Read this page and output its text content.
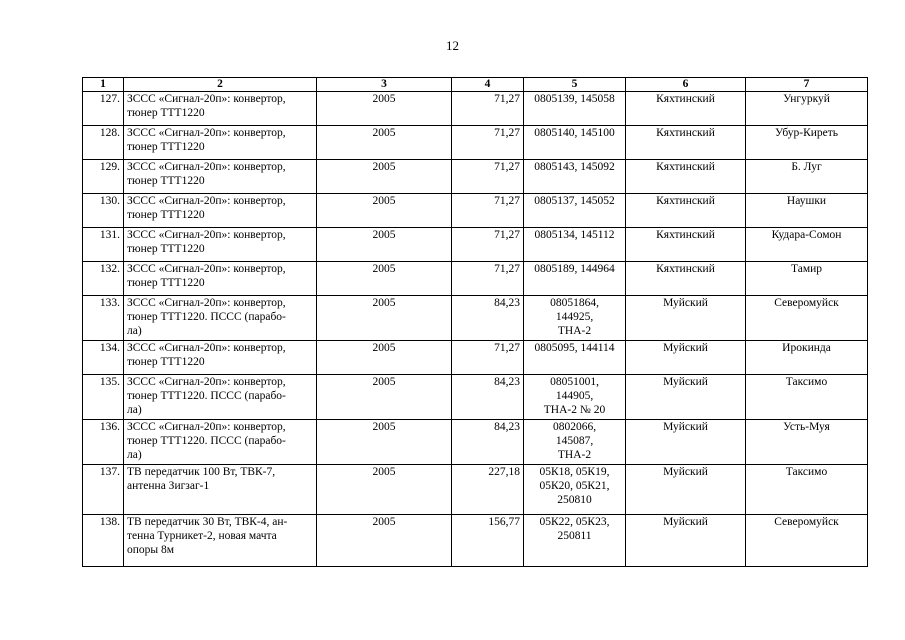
12
1	2	3	4	5	6	7

127.	ЗССС «Сигнал-20п»: конвертор,
тюнер ТТТ1220	2005	71,27	0805139, 145058	Кяхтинский	Унгуркуй

128.	ЗССС «Сигнал-20п»: конвертор,
тюнер ТТТ1220	2005	71,27	0805140, 145100	Кяхтинский	Убур-Киреть

129.	ЗССС «Сигнал-20п»: конвертор,
тюнер ТТТ1220	2005	71,27	0805143, 145092	Кяхтинский	Б. Луг

130.	ЗССС «Сигнал-20п»: конвертор,
тюнер ТТТ1220	2005	71,27	0805137, 145052	Кяхтинский	Наушки

131.	ЗССС «Сигнал-20п»: конвертор,
тюнер ТТТ1220	2005	71,27	0805134, 145112	Кяхтинский	Кудара-Сомон

132.	ЗССС «Сигнал-20п»: конвертор,
тюнер ТТТ1220	2005	71,27	0805189, 144964	Кяхтинский	Тамир

133.	ЗССС «Сигнал-20п»: конвертор,
тюнер ТТТ1220. ПССС (парабо-
ла)	2005	84,23	08051864,
144925,
ТНА-2	Муйский	Северомуйск

134.	ЗССС «Сигнал-20п»: конвертор,
тюнер ТТТ1220	2005	71,27	0805095, 144114	Муйский	Ирокинда

135.	ЗССС «Сигнал-20п»: конвертор,
тюнер ТТТ1220. ПССС (парабо-
ла)	2005	84,23	08051001,
144905,
ТНА-2 № 20	Муйский	Таксимо

136.	ЗССС «Сигнал-20п»: конвертор,
тюнер ТТТ1220. ПССС (парабо-
ла)	2005	84,23	0802066,
145087,
ТНА-2	Муйский	Усть-Муя

137.	ТВ передатчик 100 Вт, ТВК-7,
антенна Зигзаг-1	2005	227,18	05К18, 05К19,
05К20, 05К21,
250810	Муйский	Таксимо

138.	ТВ передатчик 30 Вт, ТВК-4, ан-
тенна Турникет-2, новая мачта
опоры 8м	2005	156,77	05К22, 05К23,
250811	Муйский	Северомуйск
